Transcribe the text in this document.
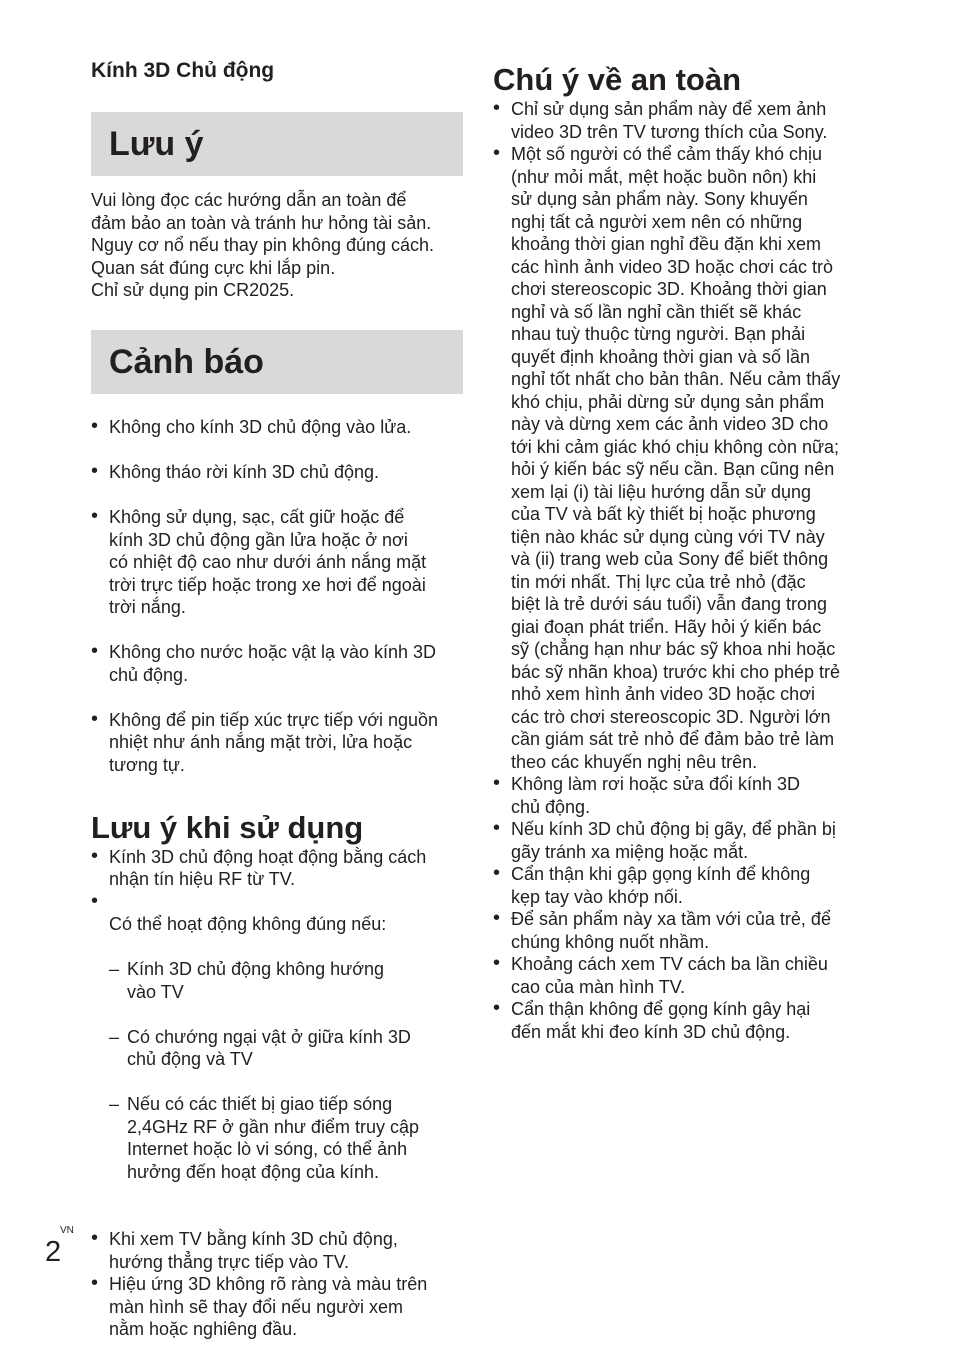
Kính 3D Chủ động

Lưu ý

Vui lòng đọc các hướng dẫn an toàn để
đảm bảo an toàn và tránh hư hỏng tài sản.
Nguy cơ nổ nếu thay pin không đúng cách.
Quan sát đúng cực khi lắp pin.
Chỉ sử dụng pin CR2025.

Cảnh báo

• Không cho kính 3D chủ động vào lửa.

• Không tháo rời kính 3D chủ động.

• Không sử dụng, sạc, cất giữ hoặc để
kính 3D chủ động gần lửa hoặc ở nơi
có nhiệt độ cao như dưới ánh nắng mặt
trời trực tiếp hoặc trong xe hơi để ngoài
trời nắng.

• Không cho nước hoặc vật lạ vào kính 3D
chủ động.

• Không để pin tiếp xúc trực tiếp với nguồn
nhiệt như ánh nắng mặt trời, lửa hoặc
tương tự.

Lưu ý khi sử dụng
• Kính 3D chủ động hoạt động bằng cách
nhận tín hiệu RF từ TV.

• Có thể hoạt động không đúng nếu:

– Kính 3D chủ động không hướng
vào TV

– Có chướng ngại vật ở giữa kính 3D
chủ động và TV

– Nếu có các thiết bị giao tiếp sóng
2,4GHz RF ở gần như điểm truy cập
Internet hoặc lò vi sóng, có thể ảnh
hưởng đến hoạt động của kính.

• Khi xem TV bằng kính 3D chủ động,
hướng thẳng trực tiếp vào TV.
• Hiệu ứng 3D không rõ ràng và màu trên
màn hình sẽ thay đổi nếu người xem
nằm hoặc nghiêng đầu.
Chú ý về an toàn
• Chỉ sử dụng sản phẩm này để xem ảnh
video 3D trên TV tương thích của Sony.
• Một số người có thể cảm thấy khó chịu
(như mỏi mắt, mệt hoặc buồn nôn) khi
sử dụng sản phẩm này. Sony khuyến
nghị tất cả người xem nên có những
khoảng thời gian nghỉ đều đặn khi xem
các hình ảnh video 3D hoặc chơi các trò
chơi stereoscopic 3D. Khoảng thời gian
nghỉ và số lần nghỉ cần thiết sẽ khác
nhau tuỳ thuộc từng người. Bạn phải
quyết định khoảng thời gian và số lần
nghỉ tốt nhất cho bản thân. Nếu cảm thấy
khó chịu, phải dừng sử dụng sản phẩm
này và dừng xem các ảnh video 3D cho
tới khi cảm giác khó chịu không còn nữa;
hỏi ý kiến bác sỹ nếu cần. Bạn cũng nên
xem lại (i) tài liệu hướng dẫn sử dụng
của TV và bất kỳ thiết bị hoặc phương
tiện nào khác sử dụng cùng với TV này
và (ii) trang web của Sony để biết thông
tin mới nhất. Thị lực của trẻ nhỏ (đặc
biệt là trẻ dưới sáu tuổi) vẫn đang trong
giai đoạn phát triển. Hãy hỏi ý kiến bác
sỹ (chẳng hạn như bác sỹ khoa nhi hoặc
bác sỹ nhãn khoa) trước khi cho phép trẻ
nhỏ xem hình ảnh video 3D hoặc chơi
các trò chơi stereoscopic 3D. Người lớn
cần giám sát trẻ nhỏ để đảm bảo trẻ làm
theo các khuyến nghị nêu trên.
• Không làm rơi hoặc sửa đổi kính 3D
chủ động.
• Nếu kính 3D chủ động bị gãy, để phần bị
gãy tránh xa miệng hoặc mắt.
• Cẩn thận khi gập gọng kính để không
kẹp tay vào khớp nối.
• Để sản phẩm này xa tầm với của trẻ, để
chúng không nuốt nhầm.
• Khoảng cách xem TV cách ba lần chiều
cao của màn hình TV.
• Cẩn thận không để gọng kính gây hại
đến mắt khi đeo kính 3D chủ động.
VN
2
